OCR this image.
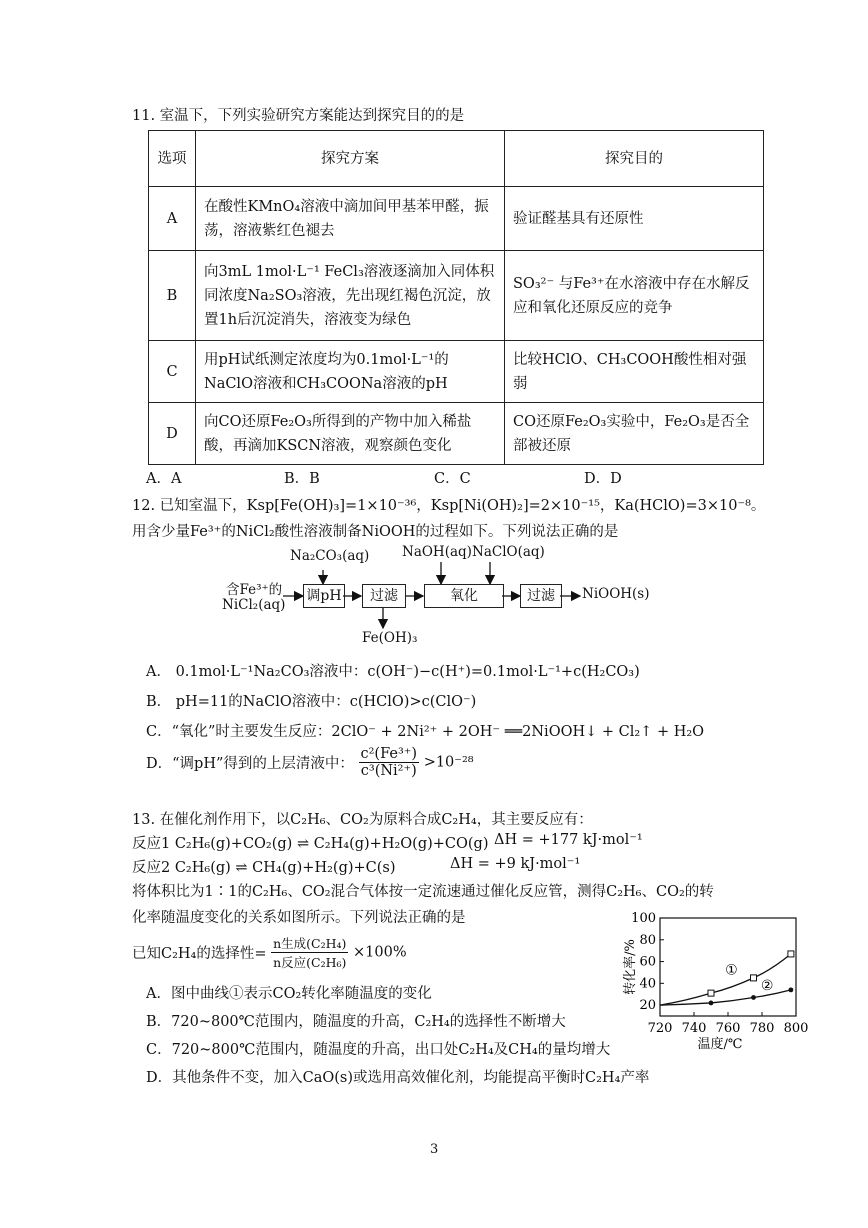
11. 室温下，下列实验研究方案能达到探究目的的是
选项	探究方案	探究目的
A	在酸性KMnO₄溶液中滴加间甲基苯甲醛，振荡，溶液紫红色褪去	验证醛基具有还原性
B	向3mL 1mol·L⁻¹ FeCl₃溶液逐滴加入同体积同浓度Na₂SO₃溶液，先出现红褐色沉淀，放置1h后沉淀消失，溶液变为绿色	SO₃²⁻ 与Fe³⁺在水溶液中存在水解反应和氧化还原反应的竞争
C	用pH试纸测定浓度均为0.1mol·L⁻¹的NaClO溶液和CH₃COONa溶液的pH	比较HClO、CH₃COOH酸性相对强弱
D	向CO还原Fe₂O₃所得到的产物中加入稀盐酸，再滴加KSCN溶液，观察颜色变化	CO还原Fe₂O₃实验中，Fe₂O₃是否全部被还原
A．A	B．B	C．C	D．D
12. 已知室温下，Ksp[Fe(OH)₃]=1×10⁻³⁶，Ksp[Ni(OH)₂]=2×10⁻¹⁵，Ka(HClO)=3×10⁻⁸。
用含少量Fe³⁺的NiCl₂酸性溶液制备NiOOH的过程如下。下列说法正确的是
含Fe³⁺的
NiCl₂(aq)
Na₂CO₃(aq) NaOH(aq) NaClO(aq)
调pH	过滤	氧化	过滤	NiOOH(s)
Fe(OH)₃
A． 0.1mol·L⁻¹Na₂CO₃溶液中：c(OH⁻)−c(H⁺)=0.1mol·L⁻¹+c(H₂CO₃)
B． pH=11的NaClO溶液中：c(HClO)>c(ClO⁻)
C．“氧化”时主要发生反应：2ClO⁻ + 2Ni²⁺ + 2OH⁻ ══2NiOOH↓ + Cl₂↑ + H₂O
D．“调pH”得到的上层清液中： $\frac{\text{c²(Fe³⁺)}}{\text{c³(Ni²⁺)}} >10^{-28}$
13. 在催化剂作用下，以C₂H₆、CO₂为原料合成C₂H₄，其主要反应有：
反应1 C₂H₆(g)+CO₂(g) ⇌ C₂H₄(g)+H₂O(g)+CO(g) ΔH = +177 kJ·mol⁻¹
反应2 C₂H₆(g) ⇌ CH₄(g)+H₂(g)+C(s)	ΔH = +9 kJ·mol⁻¹
将体积比为1∶1的C₂H₆、CO₂混合气体按一定流速通过催化反应管，测得C₂H₆、CO₂的转
化率随温度变化的关系如图所示。下列说法正确的是
已知C₂H₄的选择性= $\frac{\text{n生成(C₂H₄)}}{\text{n反应(C₂H₆)}} \times 100\%$
A．图中曲线①表示CO₂转化率随温度的变化
B．720~800℃范围内，随温度的升高，C₂H₄的选择性不断增大
C．720~800℃范围内，随温度的升高，出口处C₂H₄及CH₄的量均增大
D．其他条件不变，加入CaO(s)或选用高效催化剂，均能提高平衡时C₂H₄产率
720 740 760 780 800
20
40
60
80
100
温度/℃
转化率/%	①
②
3
